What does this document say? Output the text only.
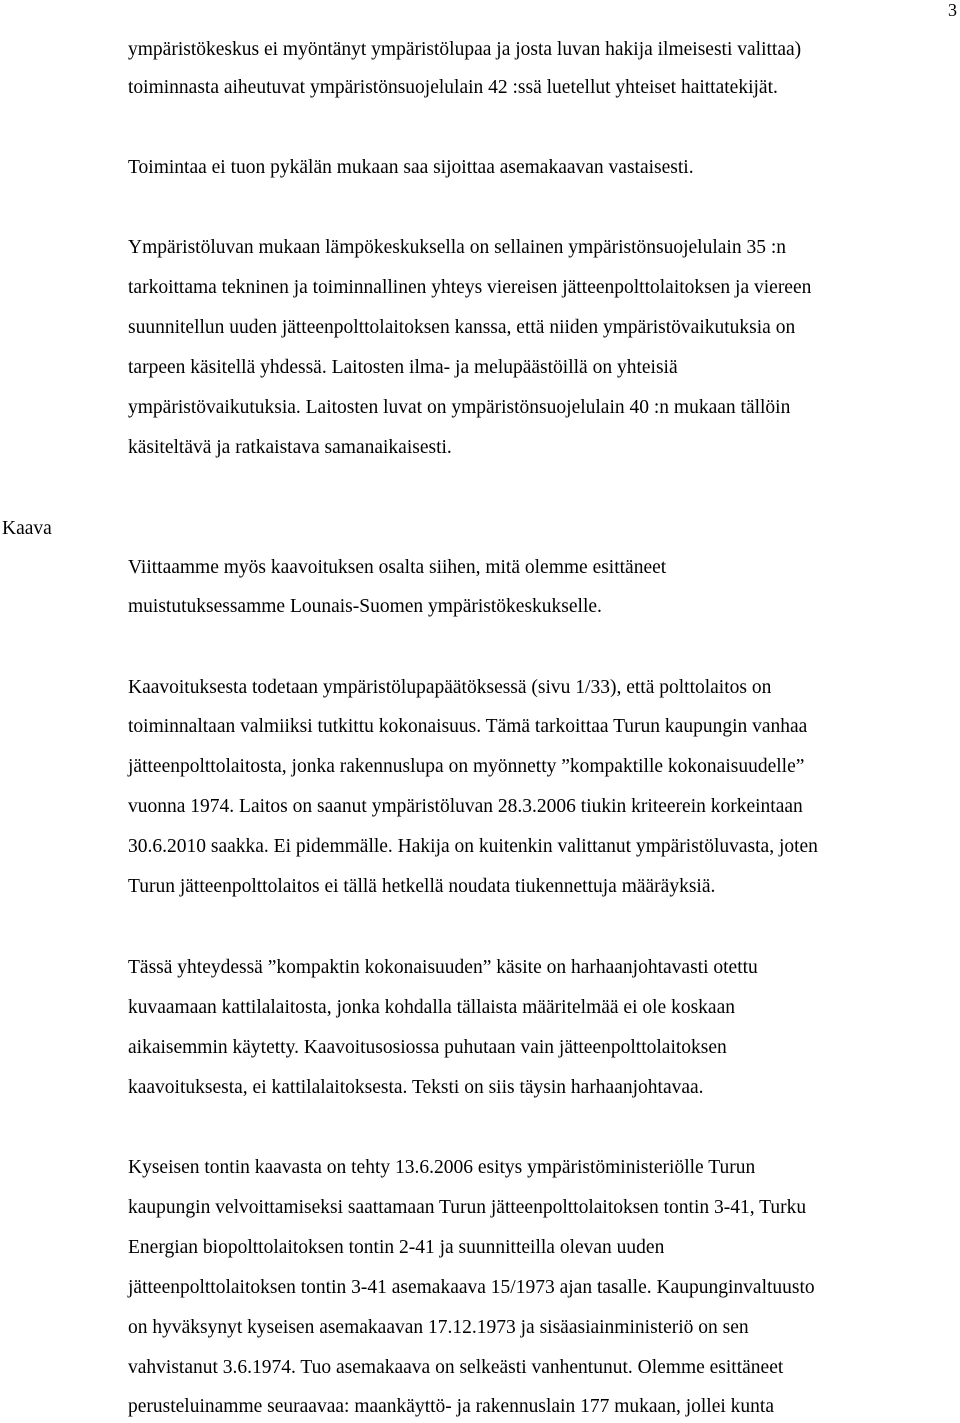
3
ympäristökeskus ei myöntänyt ympäristölupaa ja josta luvan hakija ilmeisesti valittaa)
toiminnasta aiheutuvat ympäristönsuojelulain 42 :ssä luetellut yhteiset haittatekijät.
Toimintaa ei tuon pykälän mukaan saa sijoittaa asemakaavan vastaisesti.
Ympäristöluvan mukaan lämpökeskuksella on sellainen ympäristönsuojelulain 35 :n
tarkoittama tekninen ja toiminnallinen yhteys viereisen jätteenpolttolaitoksen ja viereen
suunnitellun uuden jätteenpolttolaitoksen kanssa, että niiden ympäristövaikutuksia on
tarpeen käsitellä yhdessä. Laitosten ilma- ja melupäästöillä on yhteisiä
ympäristövaikutuksia. Laitosten luvat on ympäristönsuojelulain 40 :n mukaan tällöin
käsiteltävä ja ratkaistava samanaikaisesti.
Kaava
Viittaamme myös kaavoituksen osalta siihen, mitä olemme esittäneet
muistutuksessamme Lounais-Suomen ympäristökeskukselle.
Kaavoituksesta todetaan ympäristölupapäätöksessä (sivu 1/33), että polttolaitos on
toiminnaltaan valmiiksi tutkittu kokonaisuus. Tämä tarkoittaa Turun kaupungin vanhaa
jätteenpolttolaitosta, jonka rakennuslupa on myönnetty ”kompaktille kokonaisuudelle”
vuonna 1974. Laitos on saanut ympäristöluvan 28.3.2006 tiukin kriteerein korkeintaan
30.6.2010 saakka. Ei pidemmälle. Hakija on kuitenkin valittanut ympäristöluvasta, joten
Turun jätteenpolttolaitos ei tällä hetkellä noudata tiukennettuja määräyksiä.
Tässä yhteydessä ”kompaktin kokonaisuuden” käsite on harhaanjohtavasti otettu
kuvaamaan kattilalaitosta, jonka kohdalla tällaista määritelmää ei ole koskaan
aikaisemmin käytetty. Kaavoitusosiossa puhutaan vain jätteenpolttolaitoksen
kaavoituksesta, ei kattilalaitoksesta. Teksti on siis täysin harhaanjohtavaa.
Kyseisen tontin kaavasta on tehty 13.6.2006 esitys ympäristöministeriölle Turun
kaupungin velvoittamiseksi saattamaan Turun jätteenpolttolaitoksen tontin 3-41, Turku
Energian biopolttolaitoksen tontin 2-41 ja suunnitteilla olevan uuden
jätteenpolttolaitoksen tontin 3-41 asemakaava 15/1973 ajan tasalle. Kaupunginvaltuusto
on hyväksynyt kyseisen asemakaavan 17.12.1973 ja sisäasiainministeriö on sen
vahvistanut 3.6.1974. Tuo asemakaava on selkeästi vanhentunut. Olemme esittäneet
perusteluinamme seuraavaa: maankäyttö- ja rakennuslain 177 mukaan, jollei kunta
